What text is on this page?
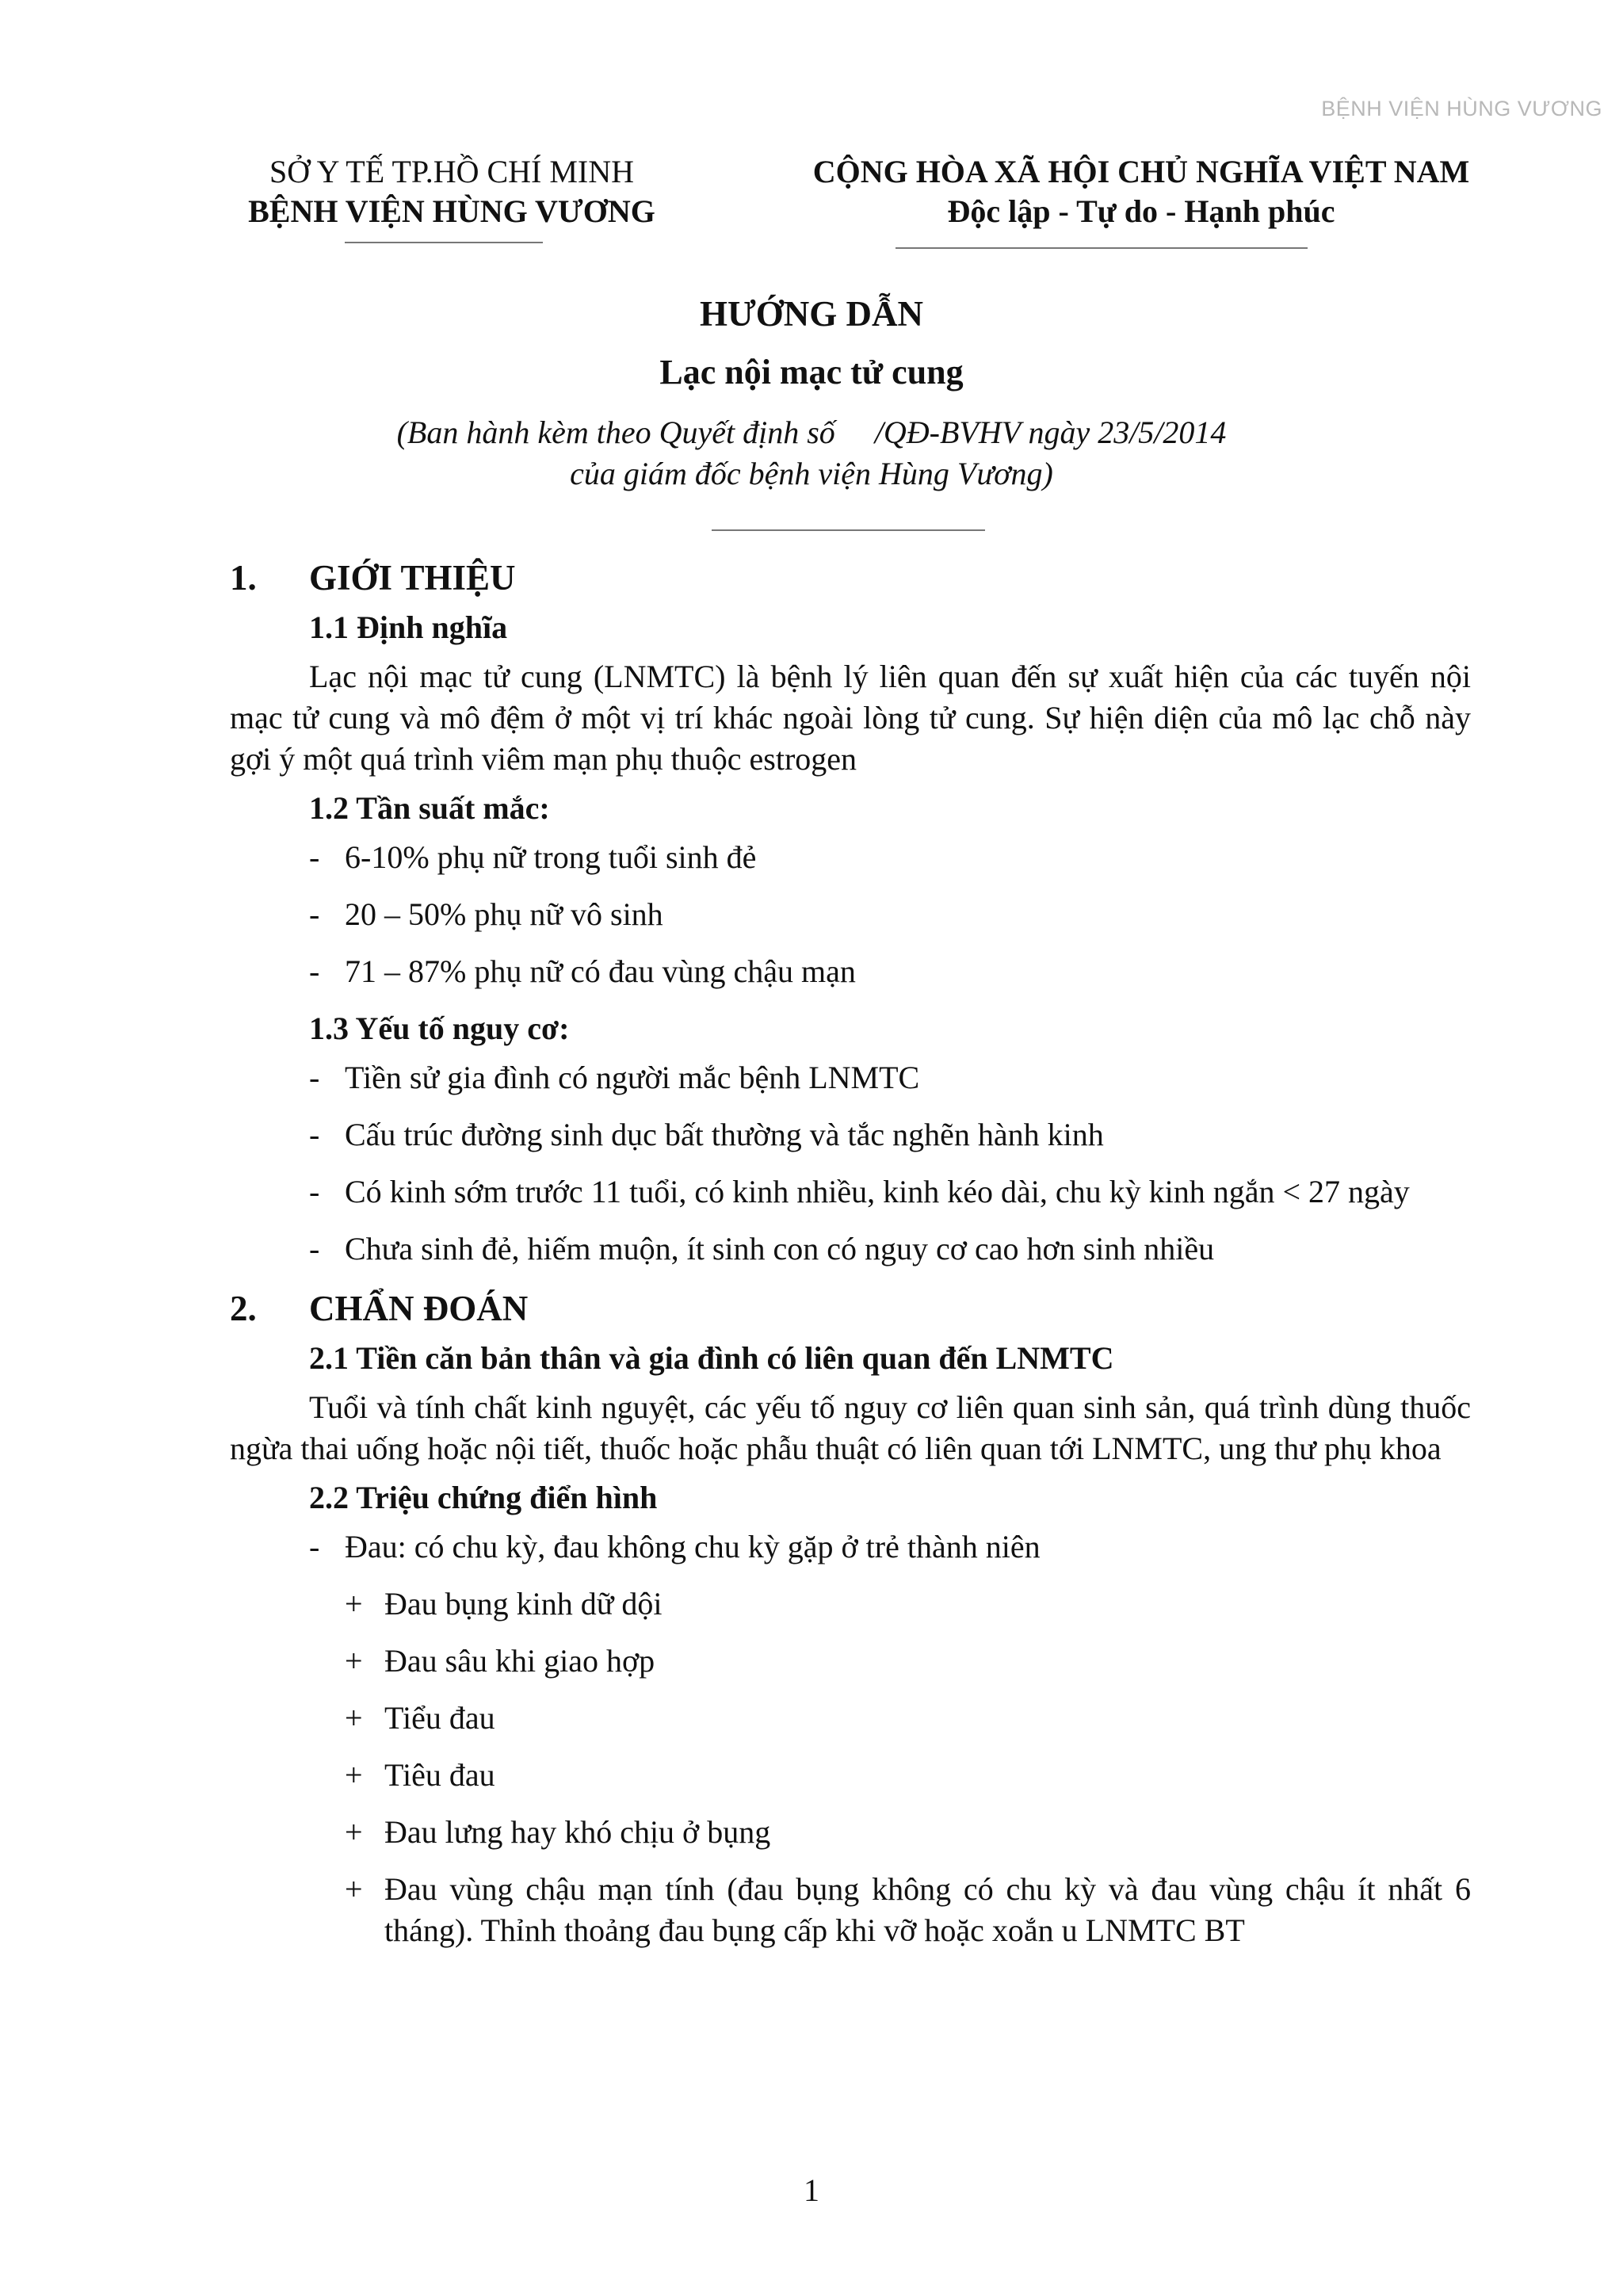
BỆNH VIỆN HÙNG VƯƠNG
SỞ Y TẾ TP.HỒ CHÍ MINH
BỆNH VIỆN HÙNG VƯƠNG
CỘNG HÒA XÃ HỘI CHỦ NGHĨA VIỆT NAM
Độc lập - Tự do - Hạnh phúc
HƯỚNG DẪN
Lạc nội mạc tử cung
(Ban hành kèm theo Quyết định số     /QĐ-BVHV ngày 23/5/2014
của giám đốc bệnh viện Hùng Vương)
1.	GIỚI THIỆU
1.1 Định nghĩa
Lạc nội mạc tử cung (LNMTC) là bệnh lý liên quan đến sự xuất hiện của các tuyến nội mạc tử cung và mô đệm ở một vị trí khác ngoài lòng tử cung. Sự hiện diện của mô lạc chỗ này gợi ý một quá trình viêm mạn phụ thuộc estrogen
1.2 Tần suất mắc:
- 6-10% phụ nữ trong tuổi sinh đẻ
- 20 – 50% phụ nữ vô sinh
- 71 – 87% phụ nữ có đau vùng chậu mạn
1.3 Yếu tố nguy cơ:
- Tiền sử gia đình có người mắc bệnh LNMTC
- Cấu trúc đường sinh dục bất thường và tắc nghẽn hành kinh
- Có kinh sớm trước 11 tuổi, có kinh nhiều, kinh kéo dài, chu kỳ kinh ngắn < 27 ngày
- Chưa sinh đẻ, hiếm muộn, ít sinh con có nguy cơ cao hơn sinh nhiều
2.	CHẨN ĐOÁN
2.1 Tiền căn bản thân và gia đình có liên quan đến LNMTC
Tuổi và tính chất kinh nguyệt, các yếu tố nguy cơ liên quan sinh sản, quá trình dùng thuốc ngừa thai uống hoặc nội tiết, thuốc hoặc phẫu thuật có liên quan tới LNMTC, ung thư phụ khoa
2.2 Triệu chứng điển hình
- Đau: có chu kỳ, đau không chu kỳ gặp ở trẻ thành niên
+ Đau bụng kinh dữ dội
+ Đau sâu khi giao hợp
+ Tiểu đau
+ Tiêu đau
+ Đau lưng hay khó chịu ở bụng
+ Đau vùng chậu mạn tính (đau bụng không có chu kỳ và đau vùng chậu ít nhất 6 tháng). Thỉnh thoảng đau bụng cấp khi vỡ hoặc xoắn u LNMTC BT
1
